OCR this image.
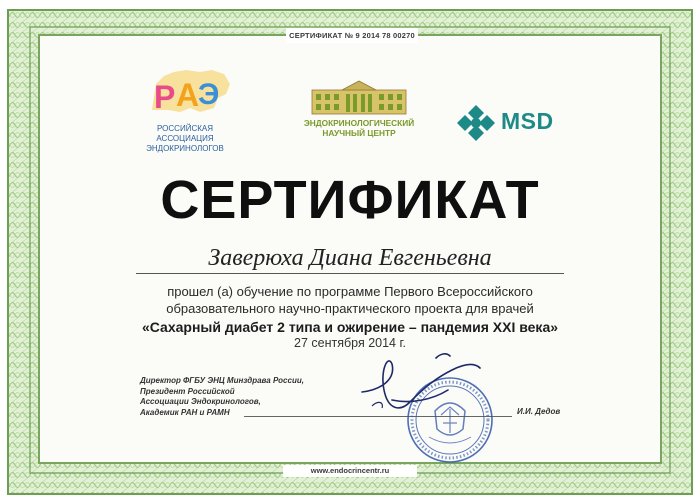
СЕРТИФИКАТ № 9 2014 78 00270
Р А
Э
РОССИЙСКАЯ АССОЦИАЦИЯ
ЭНДОКРИНОЛОГОВ
ЭНДОКРИНОЛОГИЧЕСКИЙ
НАУЧНЫЙ ЦЕНТР	MSD
СЕРТИФИКАТ
Заверюха Диана Евгеньевна
прошел (а) обучение по программе Первого Всероссийского
образовательного научно-практического проекта для врачей
«Сахарный диабет 2 типа и ожирение – пандемия XXI века»
27 сентября 2014 г.
Директор ФГБУ ЭНЦ Минздрава России,
Президент Российской
Ассоциации Эндокринологов,
Академик РАН и РАМН	И.И. Дедов
www.endocrincentr.ru
